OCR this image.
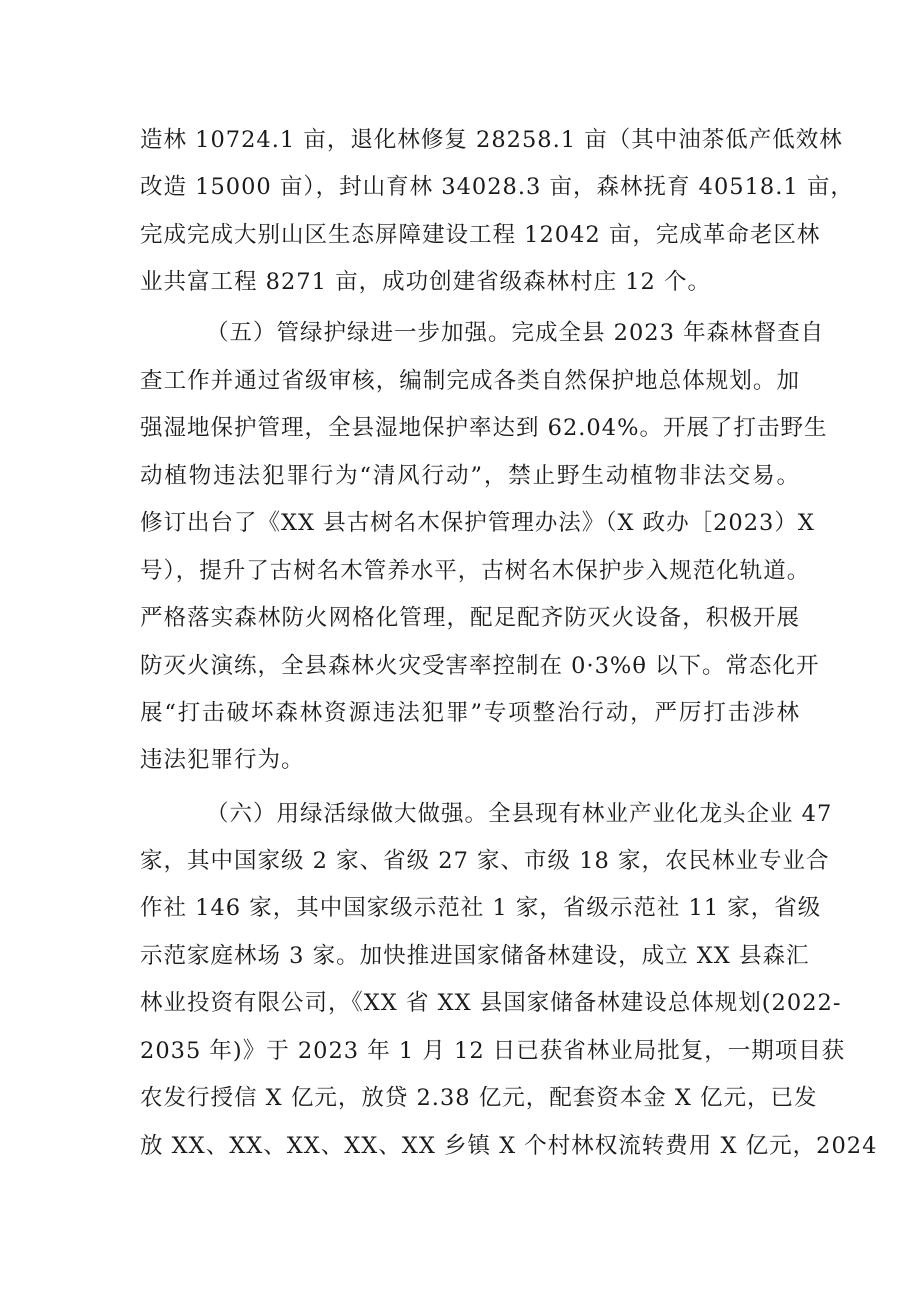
造林 10724.1 亩，退化林修复 28258.1 亩（其中油茶低产低效林
改造 15000 亩），封山育林 34028.3 亩，森林抚育 40518.1 亩，
完成完成大别山区生态屏障建设工程 12042 亩，完成革命老区林
业共富工程 8271 亩，成功创建省级森林村庄 12 个。
（五）管绿护绿进一步加强。完成全县 2023 年森林督查自
查工作并通过省级审核，编制完成各类自然保护地总体规划。加
强湿地保护管理，全县湿地保护率达到 62.04%。开展了打击野生
动植物违法犯罪行为“清风行动”，禁止野生动植物非法交易。
修订出台了《XX 县古树名木保护管理办法》（X 政办［2023）X
号），提升了古树名木管养水平，古树名木保护步入规范化轨道。
严格落实森林防火网格化管理，配足配齐防灭火设备，积极开展
防灭火演练，全县森林火灾受害率控制在 0·3%θ 以下。常态化开
展“打击破坏森林资源违法犯罪”专项整治行动，严厉打击涉林
违法犯罪行为。
（六）用绿活绿做大做强。全县现有林业产业化龙头企业 47
家，其中国家级 2 家、省级 27 家、市级 18 家，农民林业专业合
作社 146 家，其中国家级示范社 1 家，省级示范社 11 家，省级
示范家庭林场 3 家。加快推进国家储备林建设，成立 XX 县森汇
林业投资有限公司，《XX 省 XX 县国家储备林建设总体规划(2022-
2035 年)》于 2023 年 1 月 12 日已获省林业局批复，一期项目获
农发行授信 X 亿元，放贷 2.38 亿元，配套资本金 X 亿元，已发
放 XX、XX、XX、XX、XX 乡镇 X 个村林权流转费用 X 亿元，2024
